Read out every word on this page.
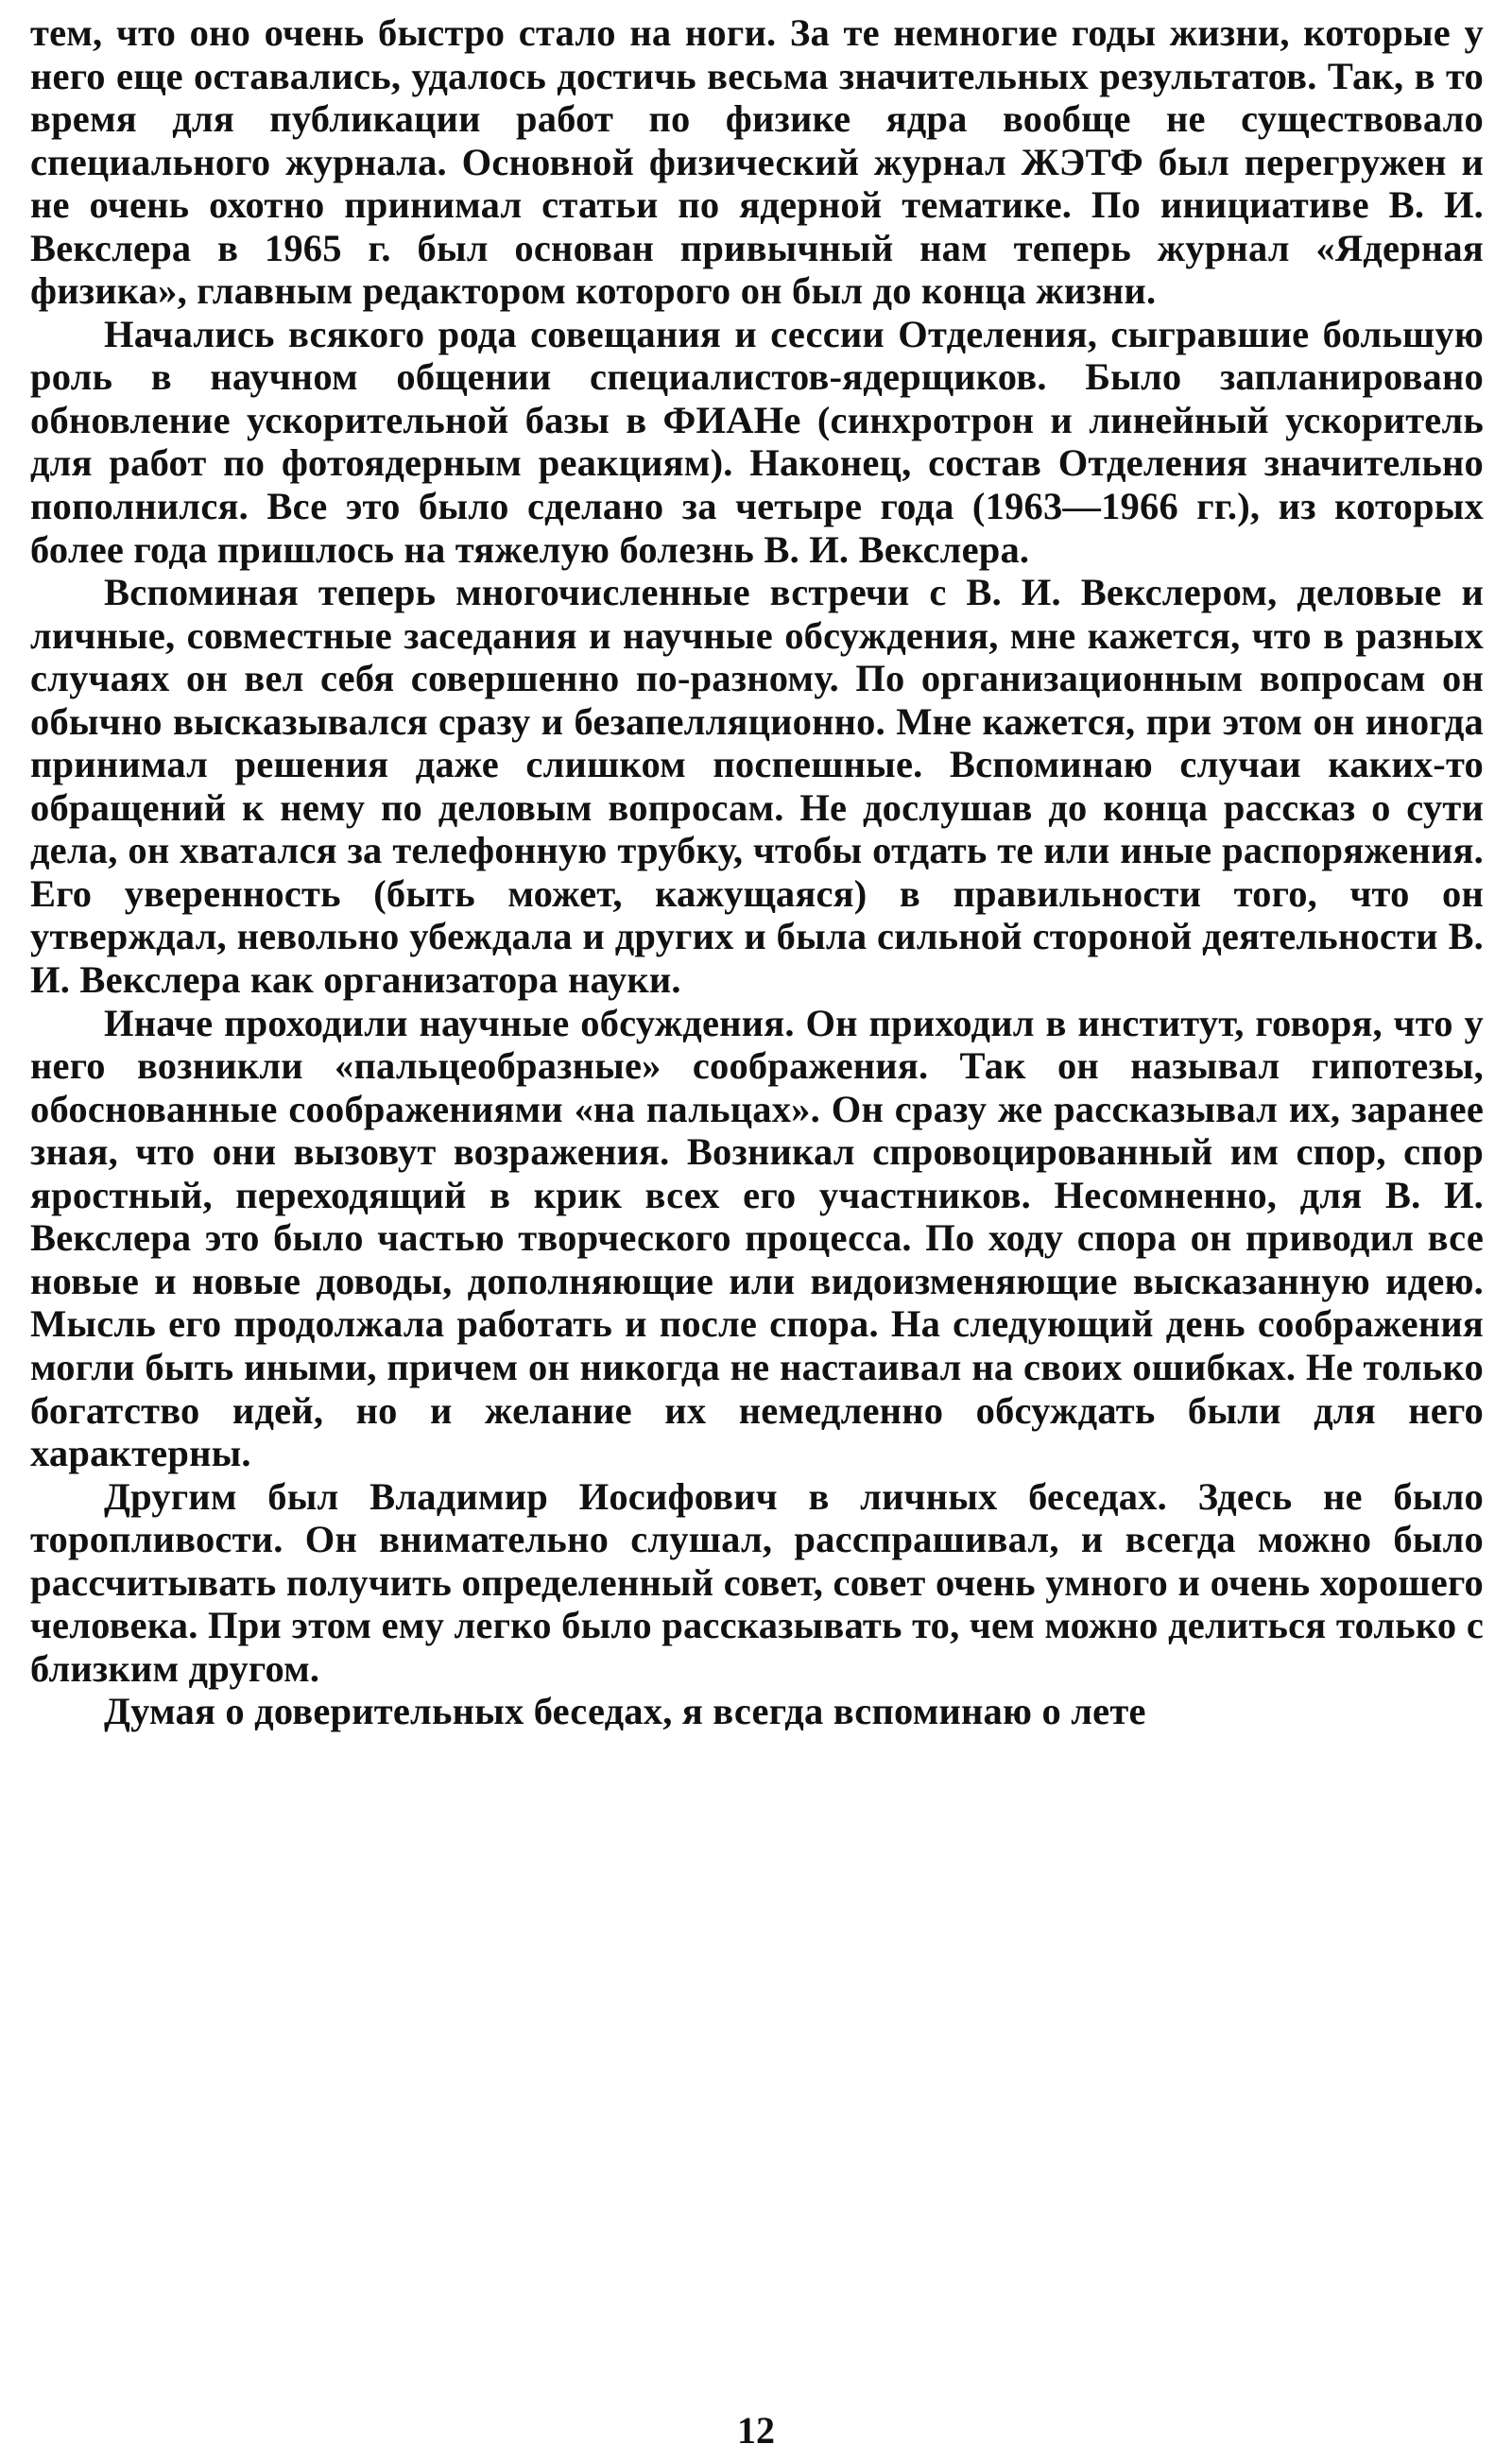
тем, что оно очень быстро стало на ноги. За те немногие годы жизни, которые у него еще оставались, удалось достичь весьма значительных результатов. Так, в то время для публикации работ по физике ядра вообще не существовало специального журнала. Основной физический журнал ЖЭТФ был перегружен и не очень охотно принимал статьи по ядерной тематике. По инициативе В. И. Векслера в 1965 г. был основан привычный нам теперь журнал «Ядерная физика», главным редактором которого он был до конца жизни.

Начались всякого рода совещания и сессии Отделения, сыгравшие большую роль в научном общении специалистов-ядерщиков. Было запланировано обновление ускорительной базы в ФИАНе (синхротрон и линейный ускоритель для работ по фотоядерным реакциям). Наконец, состав Отделения значительно пополнился. Все это было сделано за четыре года (1963—1966 гг.), из которых более года пришлось на тяжелую болезнь В. И. Векслера.

Вспоминая теперь многочисленные встречи с В. И. Векслером, деловые и личные, совместные заседания и научные обсуждения, мне кажется, что в разных случаях он вел себя совершенно по-разному. По организационным вопросам он обычно высказывался сразу и безапелляционно. Мне кажется, при этом он иногда принимал решения даже слишком поспешные. Вспоминаю случаи каких-то обращений к нему по деловым вопросам. Не дослушав до конца рассказ о сути дела, он хватался за телефонную трубку, чтобы отдать те или иные распоряжения. Его уверенность (быть может, кажущаяся) в правильности того, что он утверждал, невольно убеждала и других и была сильной стороной деятельности В. И. Векслера как организатора науки.

Иначе проходили научные обсуждения. Он приходил в институт, говоря, что у него возникли «пальцеобразные» соображения. Так он называл гипотезы, обоснованные соображениями «на пальцах». Он сразу же рассказывал их, заранее зная, что они вызовут возражения. Возникал спровоцированный им спор, спор яростный, переходящий в крик всех его участников. Несомненно, для В. И. Векслера это было частью творческого процесса. По ходу спора он приводил все новые и новые доводы, дополняющие или видоизменяющие высказанную идею. Мысль его продолжала работать и после спора. На следующий день соображения могли быть иными, причем он никогда не настаивал на своих ошибках. Не только богатство идей, но и желание их немедленно обсуждать были для него характерны.

Другим был Владимир Иосифович в личных беседах. Здесь не было торопливости. Он внимательно слушал, расспрашивал, и всегда можно было рассчитывать получить определенный совет, совет очень умного и очень хорошего человека. При этом ему легко было рассказывать то, чем можно делиться только с близким другом.

Думая о доверительных беседах, я всегда вспоминаю о лете

12
